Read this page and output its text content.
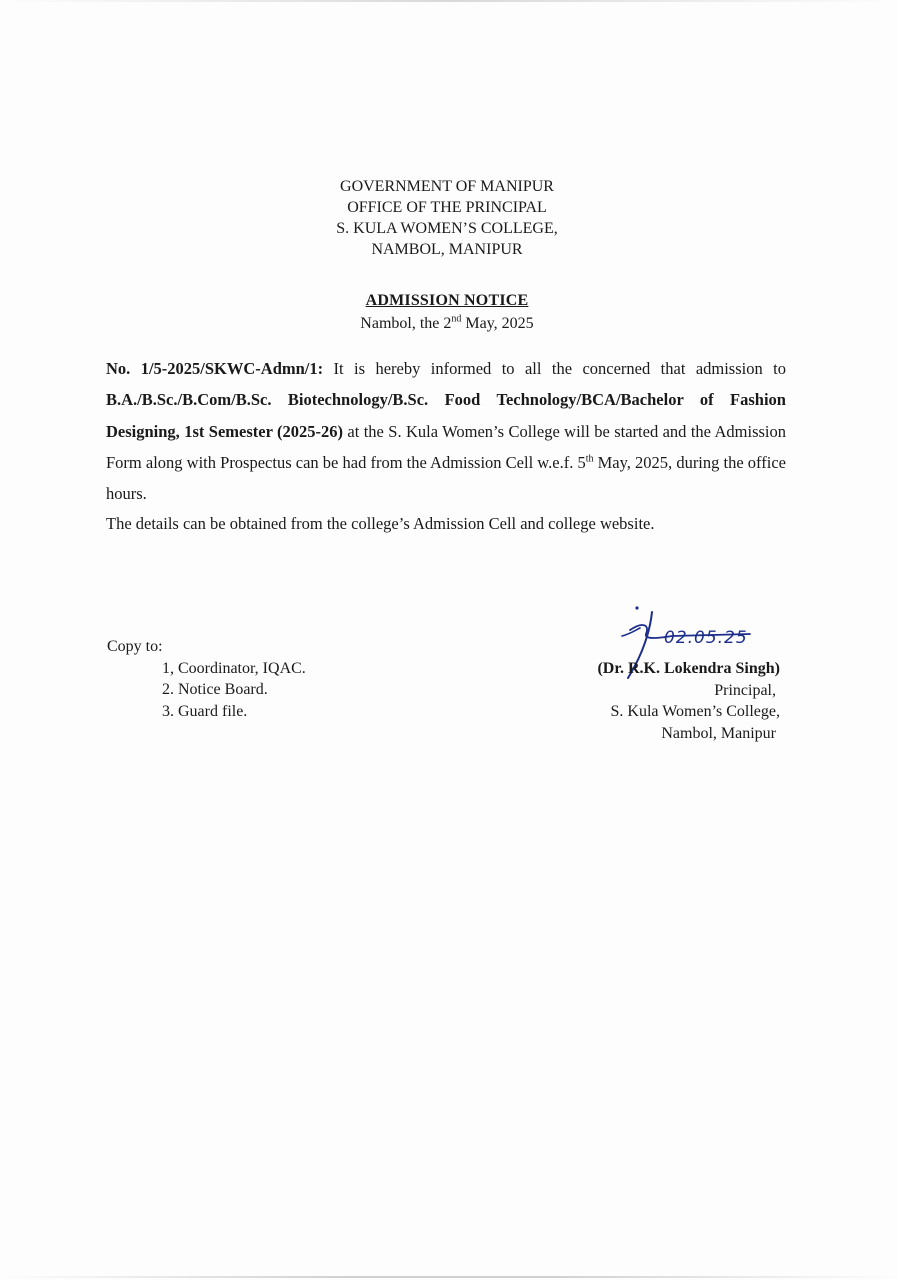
GOVERNMENT OF MANIPUR
OFFICE OF THE PRINCIPAL
S. KULA WOMEN’S COLLEGE,
NAMBOL, MANIPUR
ADMISSION NOTICE
Nambol, the 2nd May, 2025
No. 1/5-2025/SKWC-Admn/1: It is hereby informed to all the concerned that admission to B.A./B.Sc./B.Com/B.Sc. Biotechnology/B.Sc. Food Technology/BCA/Bachelor of Fashion Designing, 1st Semester (2025-26) at the S. Kula Women’s College will be started and the Admission Form along with Prospectus can be had from the Admission Cell w.e.f. 5th May, 2025, during the office hours.
The details can be obtained from the college’s Admission Cell and college website.
Copy to:
1, Coordinator, IQAC.
2. Notice Board.
3. Guard file.
02.05.25
(Dr. R.K. Lokendra Singh)
Principal,
S. Kula Women’s College,
Nambol, Manipur
